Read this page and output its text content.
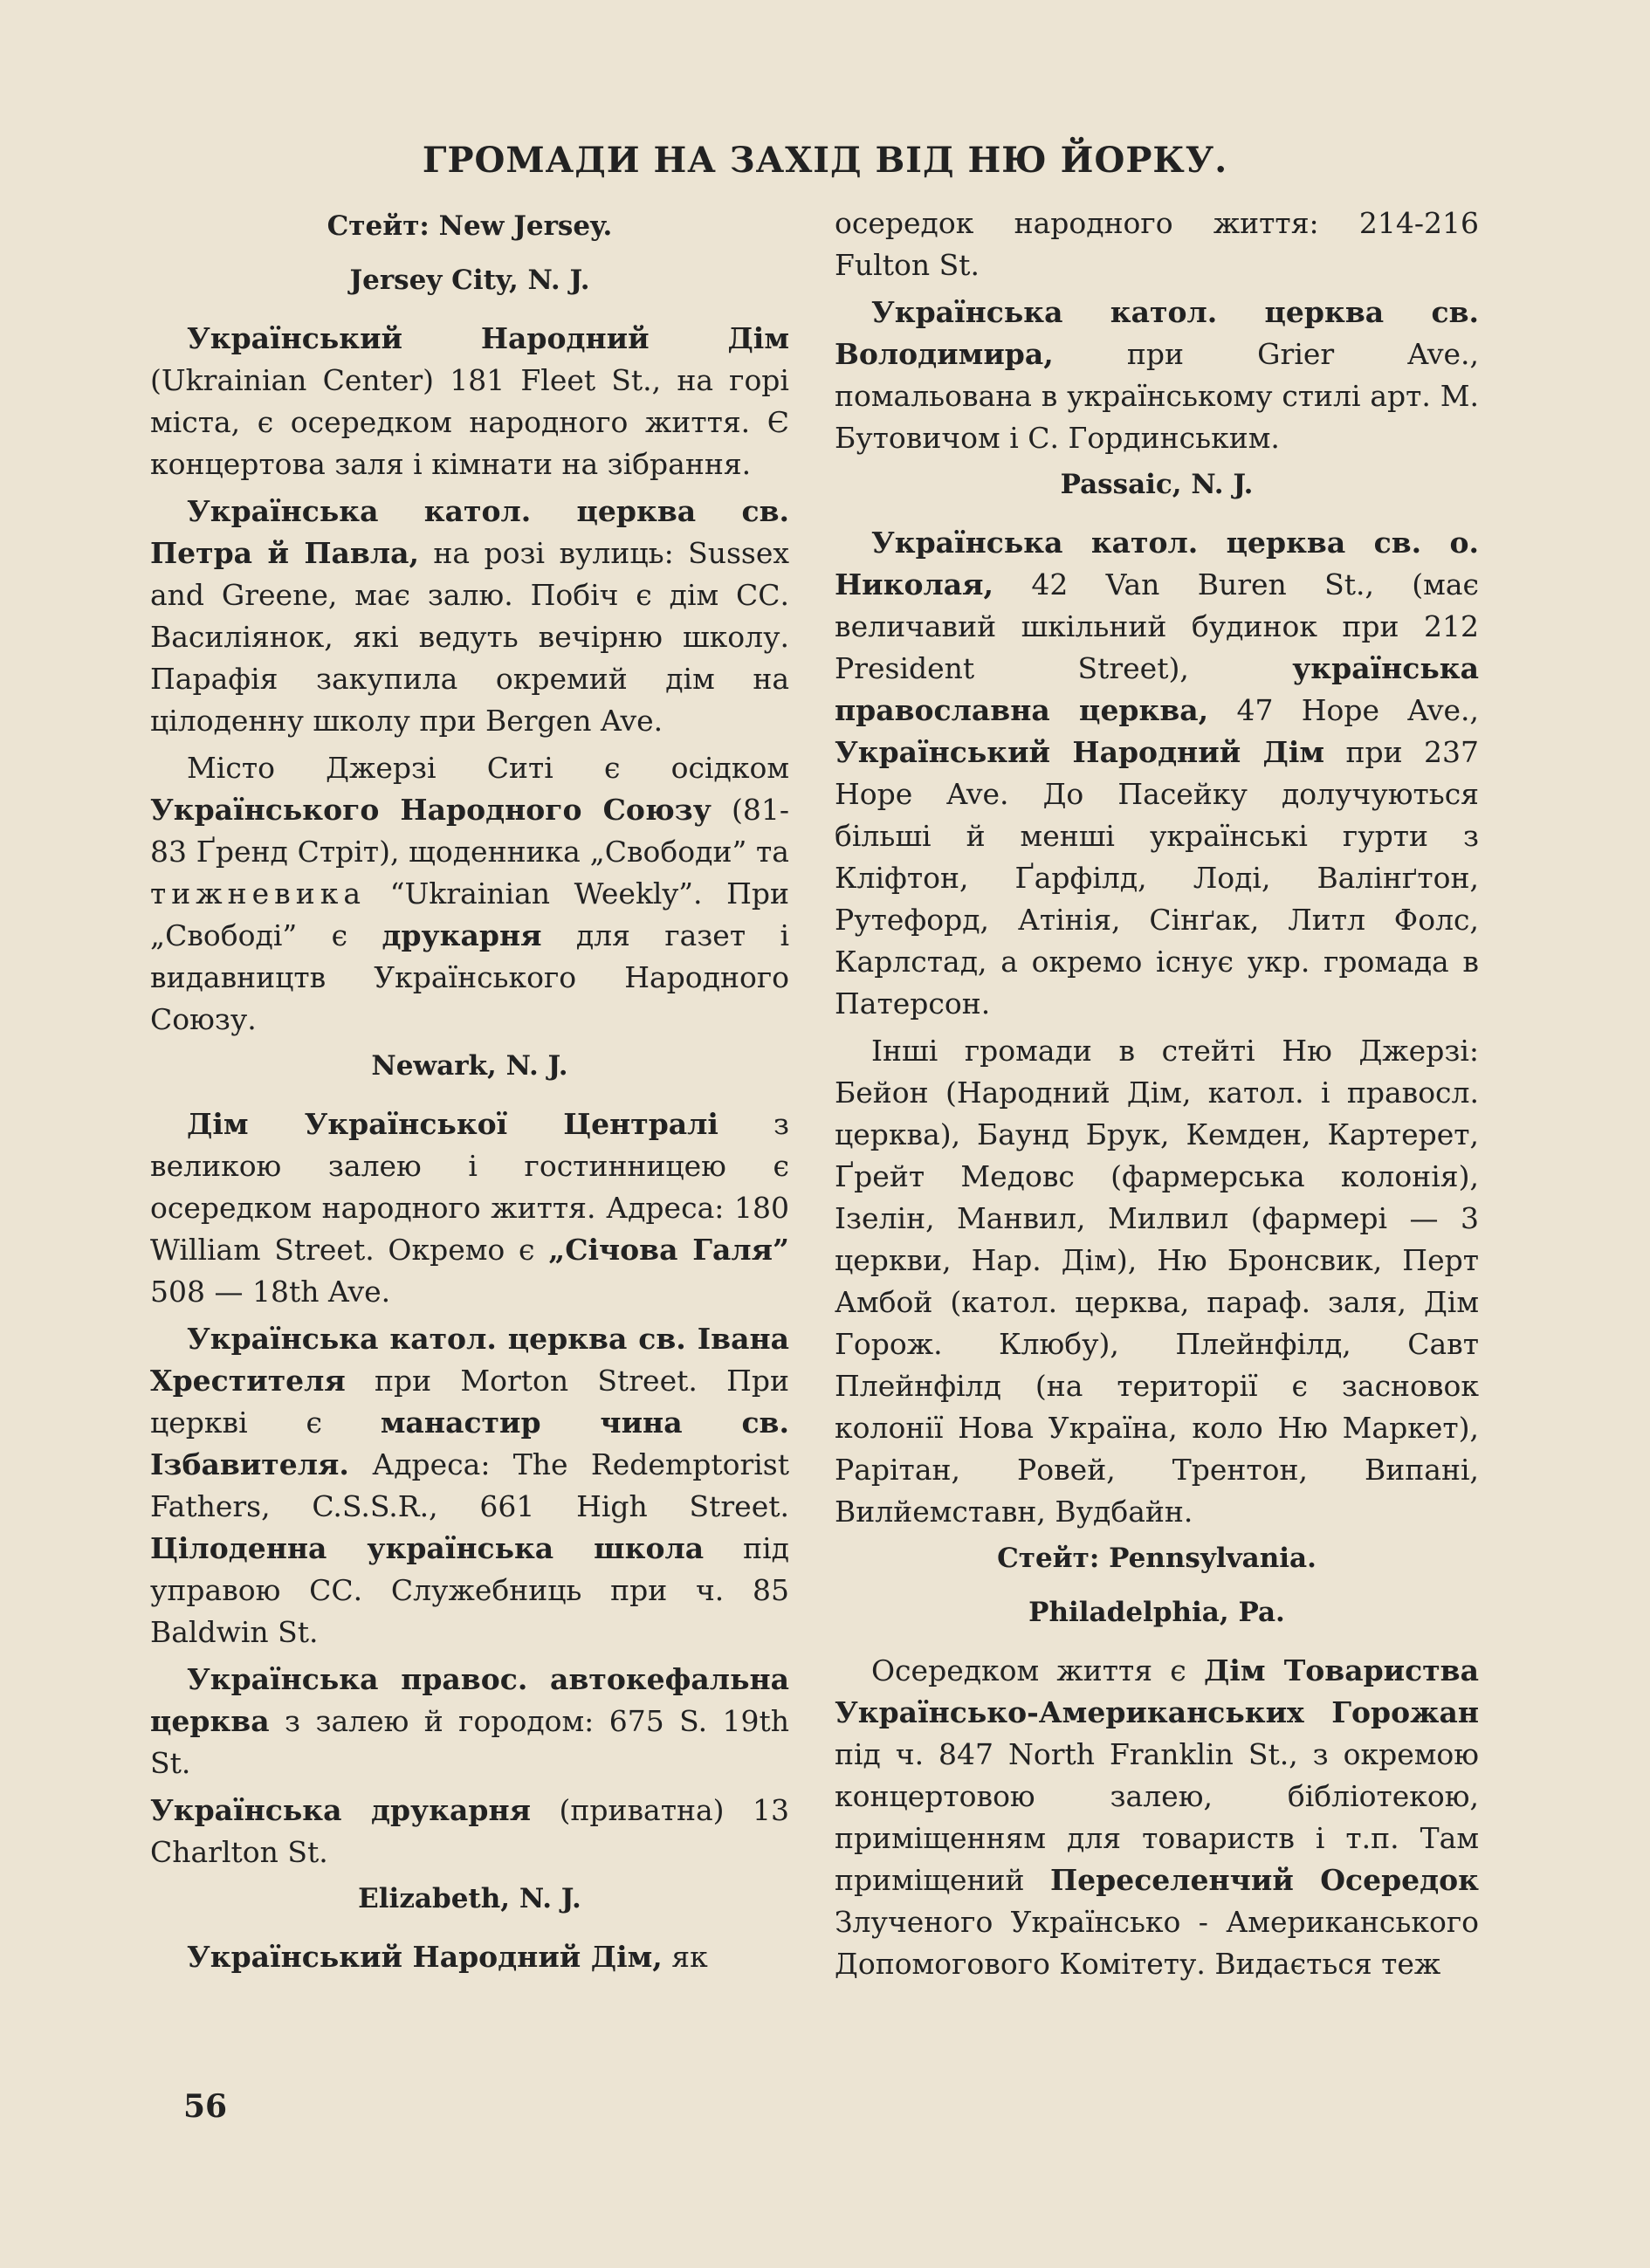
ГРОМАДИ НА ЗАХІД ВІД НЮ ЙОРКУ.
Стейт: New Jersey.
Jersey City, N. J.

Український Народний Дім (Ukrainian Center) 181 Fleet St., на горі міста, є осередком народного життя. Є концертова заля і кімнати на зібрання.

Українська катол. церква св. Петра й Павла, на розі вулиць: Sussex and Greene, має залю. Побіч є дім СС. Василіянок, які ведуть вечірню школу. Парафія закупила окремий дім на цілоденну школу при Bergen Ave.

Місто Джерзі Ситі є осідком Українського Народного Союзу (81-83 Ґренд Стріт), щоденника „Свободи” та тижневика “Ukrainian Weekly”. При „Свободі” є друкарня для газет і видавництв Українського Народного Союзу.

Newark, N. J.

Дім Української Централі з великою залею і гостинницею є осередком народного життя. Адреса: 180 William Street. Окремо є „Січова Галя” 508 — 18th Ave.

Українська катол. церква св. Івана Хрестителя при Morton Street. При церкві є манастир чина св. Ізбавителя. Адреса: The Redemptorist Fathers, C.S.S.R., 661 High Street. Цілоденна українська школа під управою СС. Служебниць при ч. 85 Baldwin St.

Українська правос. автокефальна церква з залею й городом: 675 S. 19th St.

Українська друкарня (приватна) 13 Charlton St.

Elizabeth, N. J.

Український Народний Дім, як

осередок народного життя: 214-216 Fulton St.

Українська катол. церква св. Володимира, при Grier Ave., помальована в українському стилі арт. М. Бутовичом і С. Гординським.

Passaic, N. J.

Українська катол. церква св. о. Николая, 42 Van Buren St., (має величавий шкільний будинок при 212 President Street), українська православна церква, 47 Hope Ave., Український Народний Дім при 237 Hope Ave. До Пасейку долучуються більші й менші українські гурти з Кліфтон, Ґарфілд, Лоді, Валінґтон, Рутефорд, Атінія, Сінґак, Литл Фолс, Карлстад, а окремо існує укр. громада в Патерсон.

Інші громади в стейті Ню Джерзі: Бейон (Народний Дім, катол. і правосл. церква), Баунд Брук, Кемден, Картерет, Ґрейт Медовс (фармерська колонія), Ізелін, Манвил, Милвил (фармері — 3 церкви, Нар. Дім), Ню Бронсвик, Перт Амбой (катол. церква, параф. заля, Дім Горож. Клюбу), Плейнфілд, Савт Плейнфілд (на території є засновок колонії Нова Україна, коло Ню Маркет), Рарітан, Ровей, Трентон, Випані, Вилйемставн, Вудбайн.

Стейт: Pennsylvania.
Philadelphia, Pa.

Осередком життя є Дім Товариства Українсько-Американських Горожан під ч. 847 North Franklin St., з окремою концертовою залею, бібліотекою, приміщенням для товариств і т.п. Там приміщений Переселенчий Осередок Злученого Українсько - Американського Допомогового Комітету. Видається теж

56
